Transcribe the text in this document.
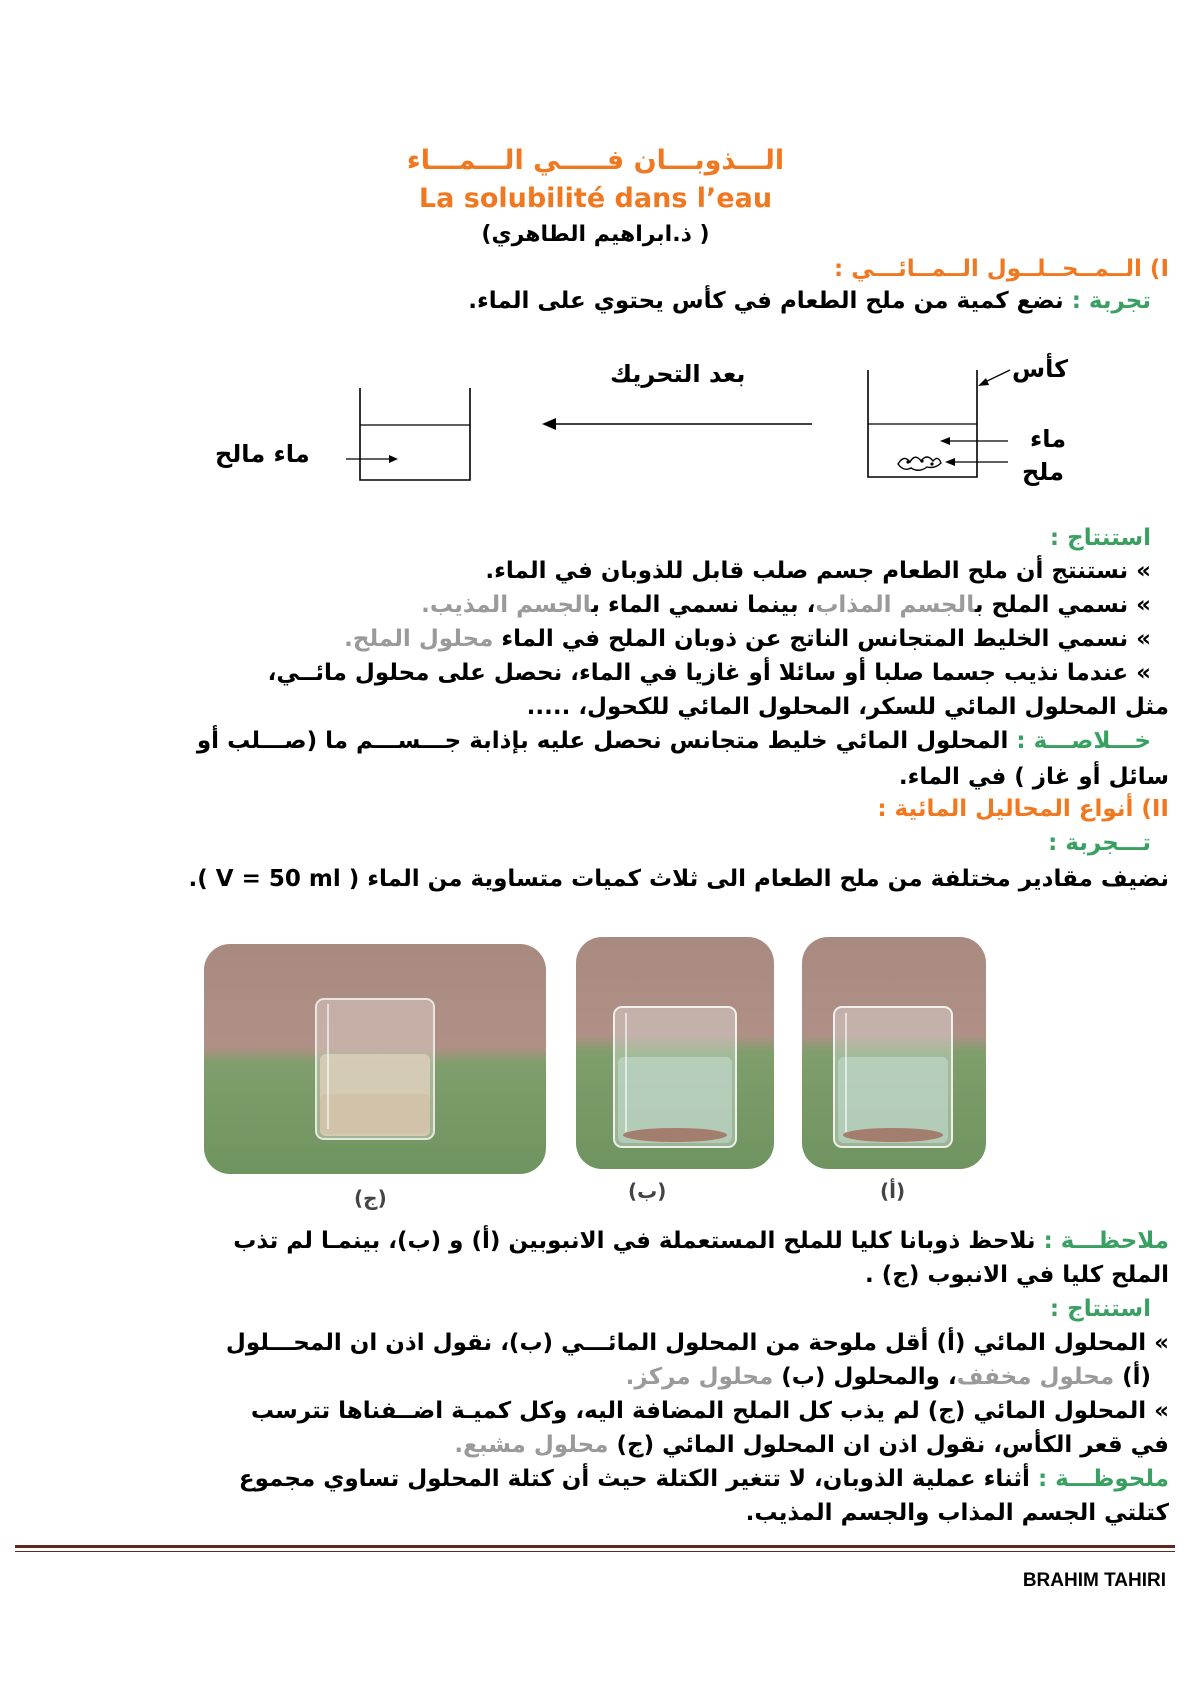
الـــذوبـــان فـــــي الـــمـــاء
La solubilité dans l’eau
(ذ.ابراهيم الطاهري )
I) الــمــحــلــول الــمــائـــي :
تجربة : نضع كمية من ملح الطعام في كأس يحتوي على الماء.
كأس
بعد التحريك
ماء
ملح
ماء مالح
استنتاج :
» نستنتج أن ملح الطعام جسم صلب قابل للذوبان في الماء.
» نسمي الملح بالجسم المذاب، بينما نسمي الماء بالجسم المذيب.
» نسمي الخليط المتجانس الناتج عن ذوبان الملح في الماء محلول الملح.
» عندما نذيب جسما صلبا أو سائلا أو غازيا في الماء، نحصل على محلول مائــي،
مثل المحلول المائي للسكر، المحلول المائي للكحول، .....
خـــلاصـــة : المحلول المائي خليط متجانس نحصل عليه بإذابة جـــســـم ما (صـــلب أو
سائل أو غاز ) في الماء.
II) أنواع المحاليل المائية :
تـــجربة :
نضيف مقادير مختلفة من ملح الطعام الى ثلاث كميات متساوية من الماء ( V = 50 ml ).
(ج)	(ب)	(أ)
ملاحظـــة : نلاحظ ذوبانا كليا للملح المستعملة في الانبوبين (أ) و (ب)، بينمـا لم تذب
الملح كليا في الانبوب (ج) .
استنتاج :
» المحلول المائي (أ) أقل ملوحة من المحلول المائـــي (ب)، نقول اذن ان المحـــلول
(أ) محلول مخفف، والمحلول (ب) محلول مركز.
» المحلول المائي (ج) لم يذب كل الملح المضافة اليه، وكل كميـة اضــفناها تترسب
في قعر الكأس، نقول اذن ان المحلول المائي (ج) محلول مشبع.
ملحوظـــة : أثناء عملية الذوبان، لا تتغير الكتلة حيث أن كتلة المحلول تساوي مجموع
كتلتي الجسم المذاب والجسم المذيب.
BRAHIM TAHIRI
